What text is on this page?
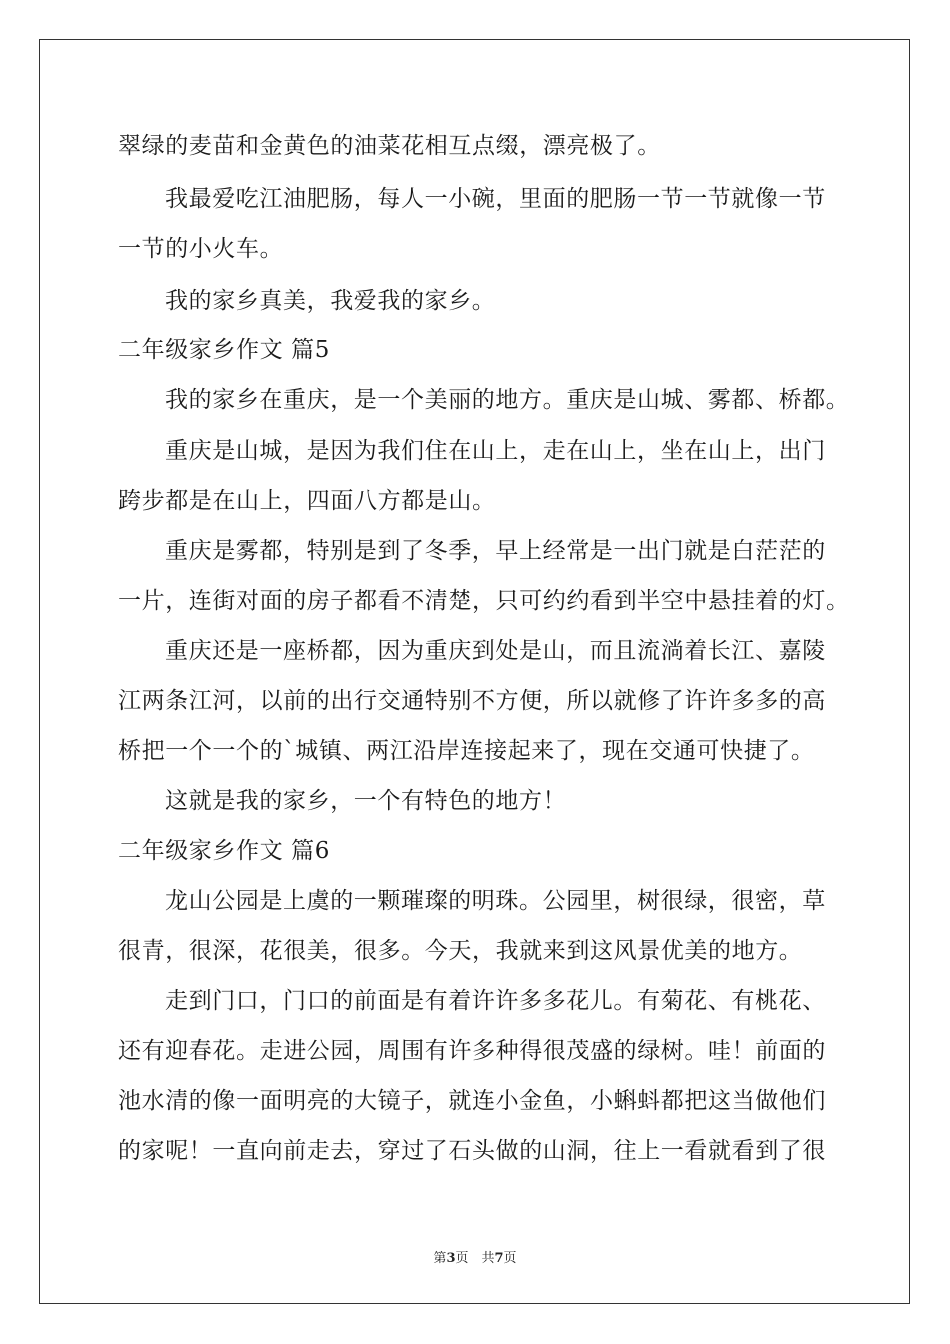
翠绿的麦苗和金黄色的油菜花相互点缀，漂亮极了。
我最爱吃江油肥肠，每人一小碗，里面的肥肠一节一节就像一节
一节的小火车。
我的家乡真美，我爱我的家乡。
二年级家乡作文 篇5
我的家乡在重庆，是一个美丽的地方。重庆是山城、雾都、桥都。
重庆是山城，是因为我们住在山上，走在山上，坐在山上，出门
跨步都是在山上，四面八方都是山。
重庆是雾都，特别是到了冬季，早上经常是一出门就是白茫茫的
一片，连街对面的房子都看不清楚，只可约约看到半空中悬挂着的灯。
重庆还是一座桥都，因为重庆到处是山，而且流淌着长江、嘉陵
江两条江河，以前的出行交通特别不方便，所以就修了许许多多的高
桥把一个一个的`城镇、两江沿岸连接起来了，现在交通可快捷了。
这就是我的家乡，一个有特色的地方！
二年级家乡作文 篇6
龙山公园是上虞的一颗璀璨的明珠。公园里，树很绿，很密，草
很青，很深，花很美，很多。今天，我就来到这风景优美的地方。
走到门口，门口的前面是有着许许多多花儿。有菊花、有桃花、
还有迎春花。走进公园，周围有许多种得很茂盛的绿树。哇！前面的
池水清的像一面明亮的大镜子，就连小金鱼，小蝌蚪都把这当做他们
的家呢！一直向前走去，穿过了石头做的山洞，往上一看就看到了很
第3页　共7页
